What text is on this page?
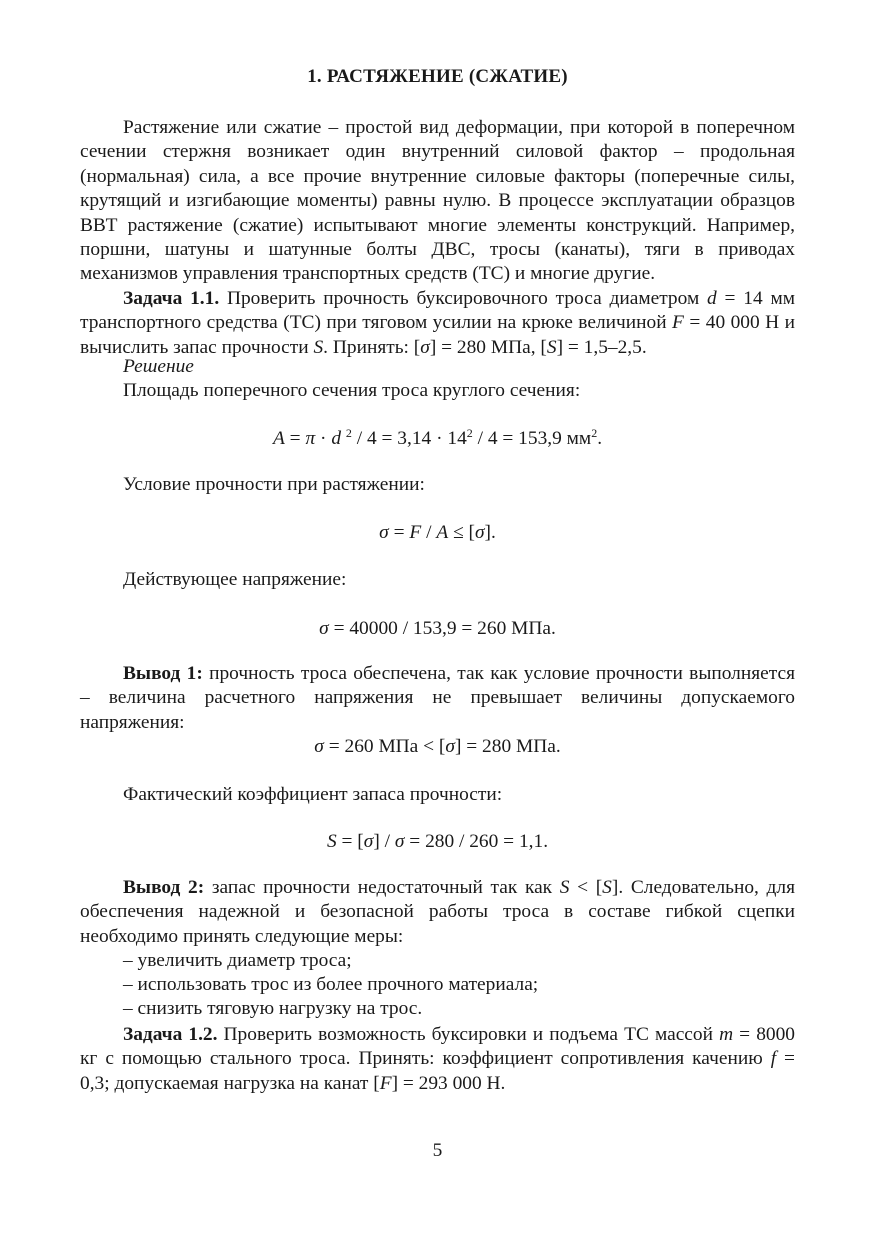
1. РАСТЯЖЕНИЕ (СЖАТИЕ)

Растяжение или сжатие – простой вид деформации, при которой в поперечном сечении стержня возникает один внутренний силовой фактор – продольная (нормальная) сила, а все прочие внутренние силовые факторы (поперечные силы, крутящий и изгибающие моменты) равны нулю. В процессе эксплуатации образцов ВВТ растяжение (сжатие) испытывают многие элементы конструкций. Например, поршни, шатуны и шатунные болты ДВС, тросы (канаты), тяги в приводах механизмов управления транспортных средств (ТС) и многие другие.

Задача 1.1. Проверить прочность буксировочного троса диаметром d = 14 мм транспортного средства (ТС) при тяговом усилии на крюке величиной F = 40 000 Н и вычислить запас прочности S. Принять: [σ] = 280 МПа, [S] = 1,5–2,5.

Решение

Площадь поперечного сечения троса круглого сечения:

A = π · d $^2 / 4 = 3,14 \cdot 14^2 / 4 = 153,9$ $мм^2$.

Условие прочности при растяжении:

σ = F / A ≤ [σ].

Действующее напряжение:

σ = 40000 / 153,9 = 260 МПа.

Вывод 1: прочность троса обеспечена, так как условие прочности выполняется – величина расчетного напряжения не превышает величины допускаемого напряжения:

σ = 260 МПа < [σ] = 280 МПа.

Фактический коэффициент запаса прочности:

S = [σ] / σ = 280 / 260 = 1,1.

Вывод 2: запас прочности недостаточный так как S < [S]. Следовательно, для обеспечения надежной и безопасной работы троса в составе гибкой сцепки необходимо принять следующие меры:

– увеличить диаметр троса;

– использовать трос из более прочного материала;

– снизить тяговую нагрузку на трос.

Задача 1.2. Проверить возможность буксировки и подъема ТС массой m = 8000 кг с помощью стального троса. Принять: коэффициент сопротивления качению f = 0,3; допускаемая нагрузка на канат [F] = 293 000 Н.

5
